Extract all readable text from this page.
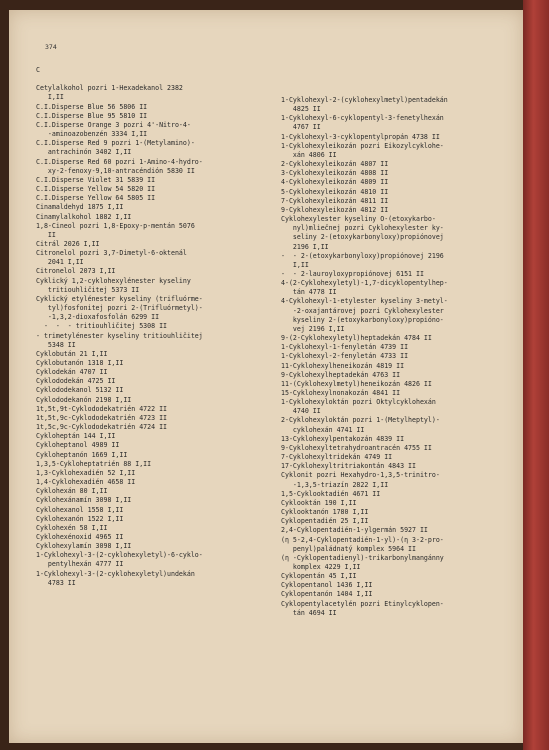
374
C

Cetylalkohol pozri 1-Hexadekanol 2382
I,II
C.I.Disperse Blue 56 5806 II
C.I.Disperse Blue 95 5810 II
C.I.Disperse Orange 3 pozri 4'-Nitro-4-
-aminoazobenzén 3334 I,II
C.I.Disperse Red 9 pozri 1-(Metylamino)-
antrachinón 3402 I,II
C.I.Disperse Red 60 pozri 1-Amino-4-hydro-
xy-2-fenoxy-9,10-antracéndión 5830 II
C.I.Disperse Violet 31 5839 II
C.I.Disperse Yellow 54 5820 II
C.I.Disperse Yellow 64 5805 II
Cinamaldehyd 1875 I,II
Cinamylalkohol 1882 I,II
1,8-Cineol pozri 1,8-Epoxy-p-mentán 5076
II
Citrál 2026 I,II
Citronelol pozri 3,7-Dimetyl-6-oktenál
2041 I,II
Citronelol 2073 I,II
Cyklický 1,2-cyklohexylénester kyseliny
tritiouhličitej 5373 II
Cyklický etylénester kyseliny (trifluórme-
tyl)fosfonitej pozri 2-(Trifluórmetyl)-
-1,3,2-dioxafosfolán 6299 II
-  -  - tritiouhličitej 5308 II
- trimetylénester kyseliny tritiouhličitej
5348 II
Cyklobután 21 I,II
Cyklobutanón 1318 I,II
Cyklodekán 4707 II
Cyklododekán 4725 II
Cyklododekanol 5132 II
Cyklododekanón 2198 I,II
1t,5t,9t-Cyklododekatrién 4722 II
1t,5t,9c-Cyklododekatrién 4723 II
1t,5c,9c-Cyklododekatrién 4724 II
Cykloheptán 144 I,II
Cykloheptanol 4989 II
Cykloheptanón 1669 I,II
1,3,5-Cykloheptatrién 88 I,II
1,3-Cyklohexadién 52 I,II
1,4-Cyklohexadién 4658 II
Cyklohexán 80 I,II
Cyklohexánamín 3098 I,II
Cyklohexanol 1558 I,II
Cyklohexanón 1522 I,II
Cyklohexén 58 I,II
Cyklohexénoxid 4965 II
Cyklohexylamín 3098 I,II
1-Cyklohexyl-3-(2-cyklohexyletyl)-6-cyklo-
pentylhexán 4777 II
1-Cyklohexyl-3-(2-cyklohexyletyl)undekán
4783 II
1-Cyklohexyl-2-(cyklohexylmetyl)pentadekán
4825 II
1-Cyklohexyl-6-cyklopentyl-3-fenetylhexán
4767 II
1-Cyklohexyl-3-cyklopentylpropán 4738 II
1-Cyklohexyleikozán pozri Eikozylcyklohe-
xán 4806 II
2-Cyklohexyleikozán 4807 II
3-Cyklohexyleikozán 4808 II
4-Cyklohexyleikozán 4809 II
5-Cyklohexyleikozán 4810 II
7-Cyklohexyleikozán 4811 II
9-Cyklohexyleikozán 4812 II
Cyklohexylester kyseliny O-(etoxykarbo-
nyl)mliečnej pozri Cyklohexylester ky-
seliny 2-(etoxykarbonyloxy)propiónovej
2196 I,II
-  - 2-(etoxykarbonyloxy)propiónovej 2196
I,II
-  - 2-lauroyloxypropiónovej 6151 II
4-(2-Cyklohexyletyl)-1,7-dicyklopentylhep-
tán 4778 II
4-Cyklohexyl-1-etylester kyseliny 3-metyl-
-2-oxajantárovej pozri Cyklohexylester
kyseliny 2-(etoxykarbonyloxy)propióno-
vej 2196 I,II
9-(2-Cyklohexyletyl)heptadekán 4784 II
1-Cyklohexyl-1-fenyletán 4739 II
1-Cyklohexyl-2-fenyletán 4733 II
11-Cyklohexylheneikozán 4819 II
9-Cyklohexylheptadekán 4763 II
11-(Cyklohexylmetyl)heneikozán 4826 II
15-Cyklohexylnonakozán 4841 II
1-Cyklohexyloktán pozri Oktylcyklohexán
4740 II
2-Cyklohexyloktán pozri 1-(Metylheptyl)-
cyklohexán 4741 II
13-Cyklohexylpentakozán 4839 II
9-Cyklohexyltetrahydroantracén 4755 II
7-Cyklohexyltridekán 4749 II
17-Cyklohexyltritriakontán 4843 II
Cyklonit pozri Hexahydro-1,3,5-trinitro-
-1,3,5-triazín 2822 I,II
1,5-Cyklooktadién 4671 II
Cyklooktán 190 I,II
Cyklooktanón 1780 I,II
Cyklopentadién 25 I,II
2,4-Cyklopentadién-1-ylgermán 5927 II
(η 5-2,4-Cyklopentadién-1-yl)-(η 3-2-pro-
penyl)paládnatý komplex 5964 II
(η -Cyklopentadienyl)-trikarbonylmangánny
komplex 4229 I,II
Cyklopentán 45 I,II
Cyklopentanol 1436 I,II
Cyklopentanón 1404 I,II
Cyklopentylacetylén pozri Etinylcyklopen-
tán 4694 II
